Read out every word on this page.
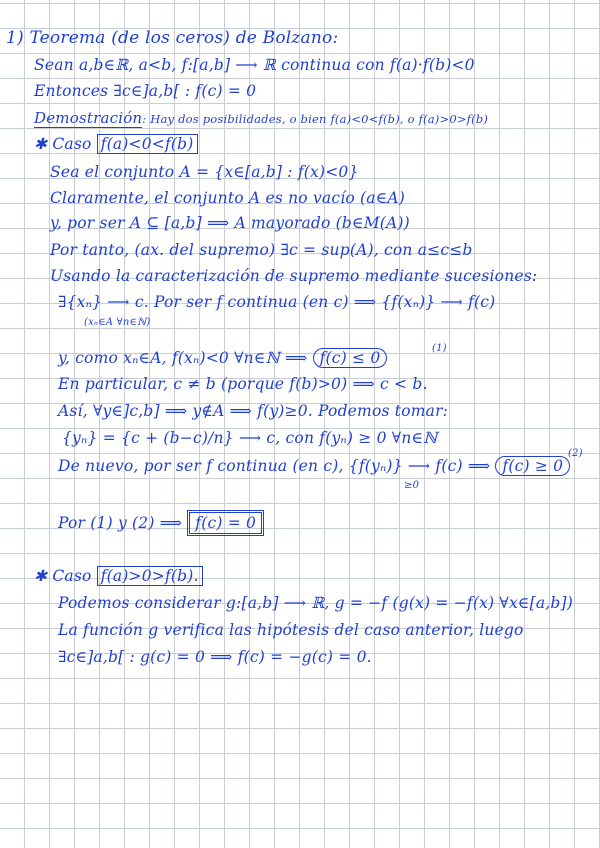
1) Teorema (de los ceros) de Bolzano:
Sean a,b∈ℝ, a<b, f:[a,b] ⟶ ℝ continua con f(a)·f(b)<0
Entonces ∃c∈]a,b[ : f(c) = 0
Demostración: Hay dos posibilidades, o bien f(a)<0<f(b), o f(a)>0>f(b)
✱ Caso f(a)<0<f(b)
Sea el conjunto A = {x∈[a,b] : f(x)<0}
Claramente, el conjunto A es no vacío (a∈A)
y, por ser A ⊆ [a,b] ⟹ A mayorado (b∈M(A))
Por tanto, (ax. del supremo) ∃c = sup(A), con a≤c≤b
Usando la caracterización de supremo mediante sucesiones:
∃{xₙ} ⟶ c. Por ser f continua (en c) ⟹ {f(xₙ)} ⟶ f(c)
(xₙ∈A ∀n∈ℕ)
y, como xₙ∈A, f(xₙ)<0 ∀n∈ℕ ⟹ f(c) ≤ 0
(1)
En particular, c ≠ b (porque f(b)>0) ⟹ c < b.
Así, ∀y∈]c,b] ⟹ y∉A ⟹ f(y)≥0. Podemos tomar:
{yₙ} = {c + (b−c)/n} ⟶ c, con f(yₙ) ≥ 0 ∀n∈ℕ
De nuevo, por ser f continua (en c), {f(yₙ)} ⟶ f(c) ⟹ f(c) ≥ 0
(2)
≥0
Por (1) y (2) ⟹ f(c) = 0
✱ Caso f(a)>0>f(b).
Podemos considerar g:[a,b] ⟶ ℝ, g = −f (g(x) = −f(x) ∀x∈[a,b])
La función g verifica las hipótesis del caso anterior, luego
∃c∈]a,b[ : g(c) = 0 ⟹ f(c) = −g(c) = 0.
